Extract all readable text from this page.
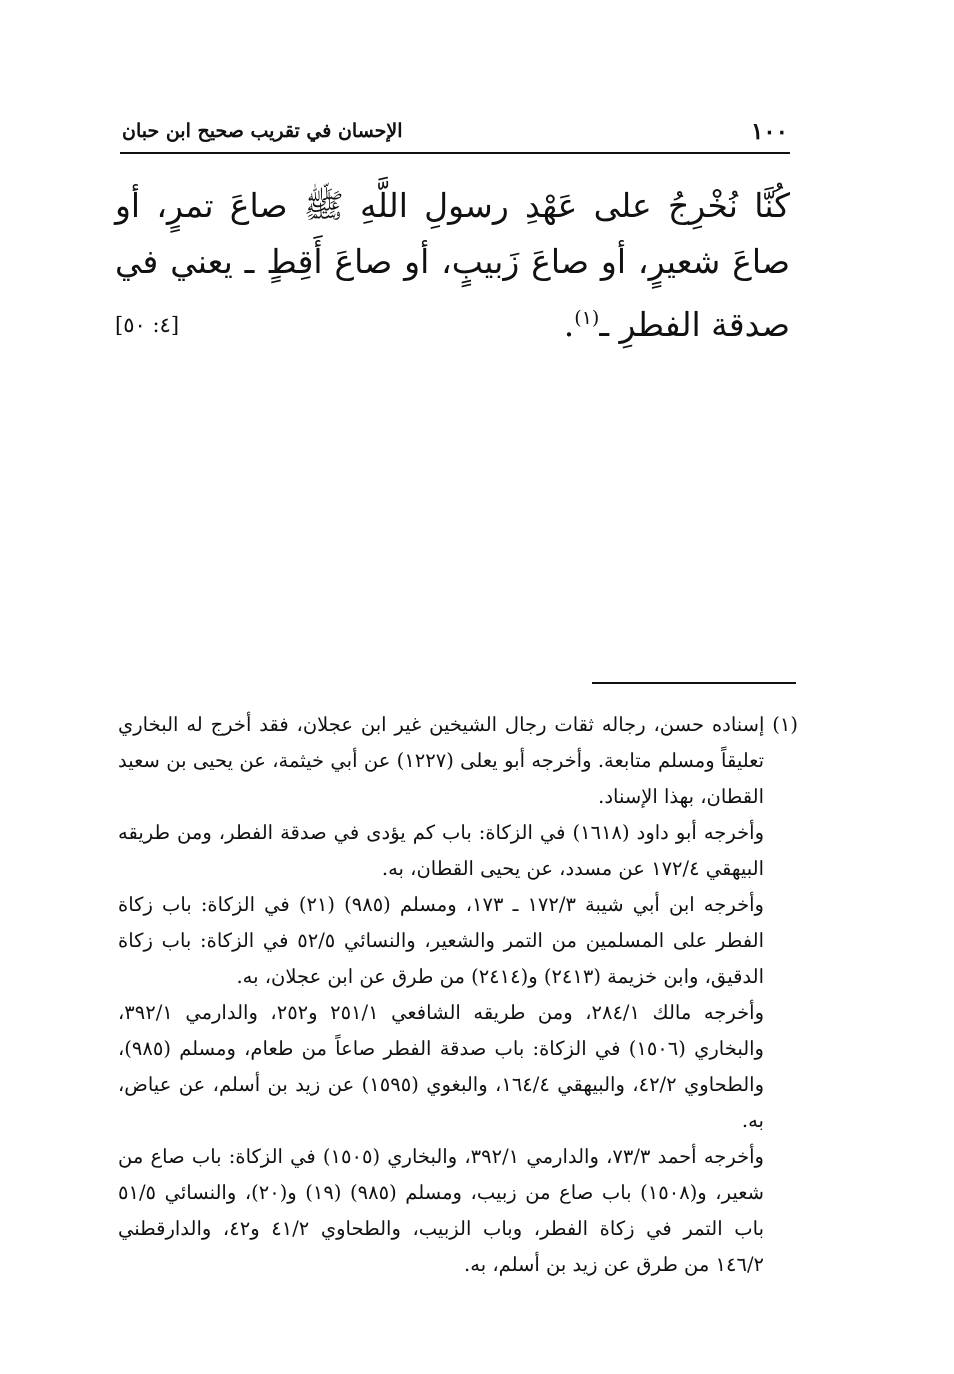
١٠٠
الإحسان في تقريب صحيح ابن حبان

كُنَّا نُخْرِجُ على عَهْدِ رسولِ اللَّهِ ﷺ صاعَ تمرٍ، أو صاعَ شعيرٍ، أو صاعَ زَبيبٍ، أو صاعَ أَقِطٍ ـ يعني في صدقة الفطرِ ـ$^{(١)}$.

[٤: ٥٠]

(١) إسناده حسن، رجاله ثقات رجال الشيخين غير ابن عجلان، فقد أخرج له البخاري تعليقاً ومسلم متابعة. وأخرجه أبو يعلى (١٢٢٧) عن أبي خيثمة، عن يحيى بن سعيد القطان، بهذا الإسناد.

وأخرجه أبو داود (١٦١٨) في الزكاة: باب كم يؤدى في صدقة الفطر، ومن طريقه البيهقي ١٧٢/٤ عن مسدد، عن يحيى القطان، به.

وأخرجه ابن أبي شيبة ١٧٢/٣ ـ ١٧٣، ومسلم (٩٨٥) (٢١) في الزكاة: باب زكاة الفطر على المسلمين من التمر والشعير، والنسائي ٥٢/٥ في الزكاة: باب زكاة الدقيق، وابن خزيمة (٢٤١٣) و(٢٤١٤) من طرق عن ابن عجلان، به.

وأخرجه مالك ٢٨٤/١، ومن طريقه الشافعي ٢٥١/١ و٢٥٢، والدارمي ٣٩٢/١، والبخاري (١٥٠٦) في الزكاة: باب صدقة الفطر صاعاً من طعام، ومسلم (٩٨٥)، والطحاوي ٤٢/٢، والبيهقي ١٦٤/٤، والبغوي (١٥٩٥) عن زيد بن أسلم، عن عياض، به.

وأخرجه أحمد ٧٣/٣، والدارمي ٣٩٢/١، والبخاري (١٥٠٥) في الزكاة: باب صاع من شعير، و(١٥٠٨) باب صاع من زبيب، ومسلم (٩٨٥) (١٩) و(٢٠)، والنسائي ٥١/٥ باب التمر في زكاة الفطر، وباب الزبيب، والطحاوي ٤١/٢ و٤٢، والدارقطني ١٤٦/٢ من طرق عن زيد بن أسلم، به.
